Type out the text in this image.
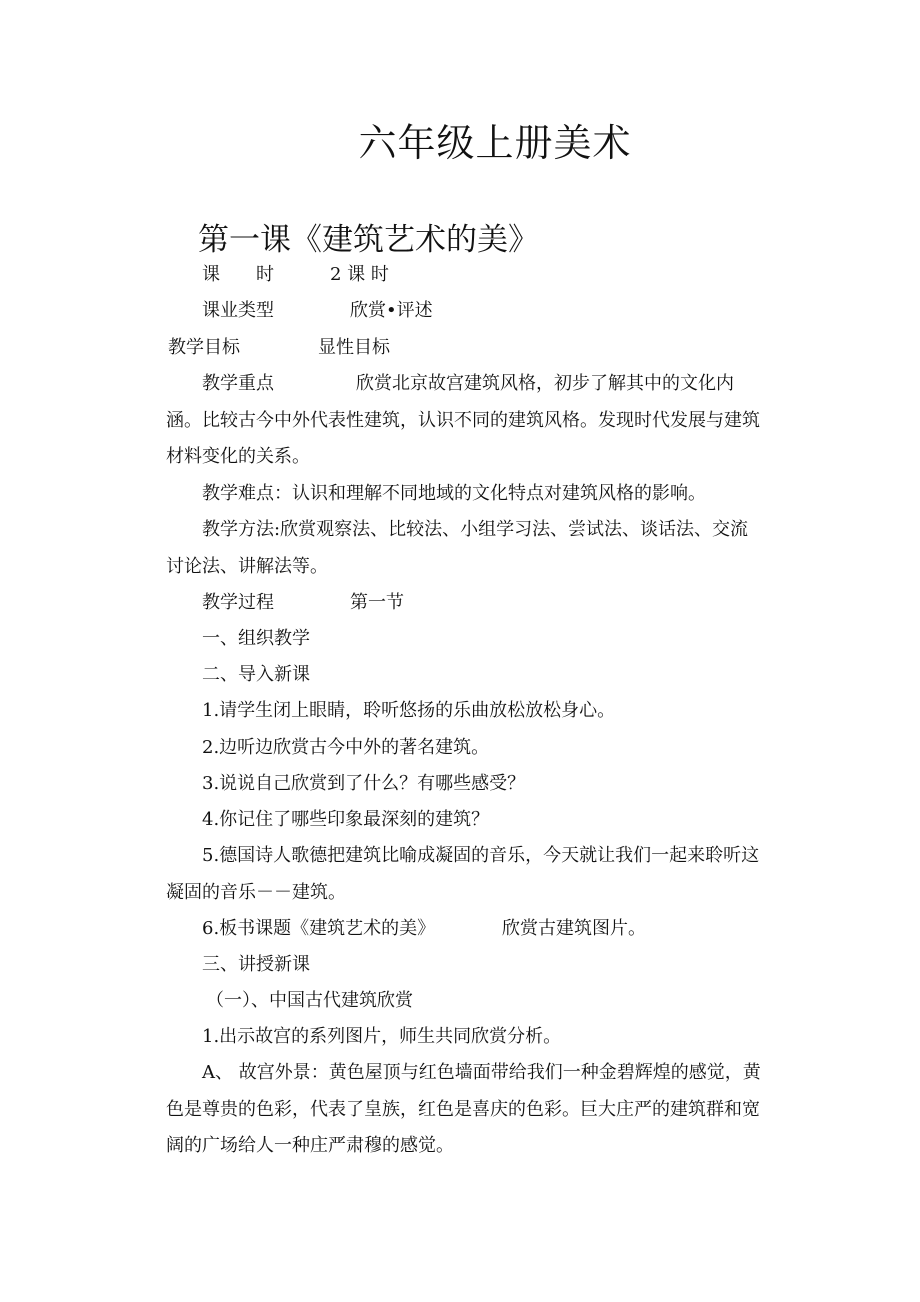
六年级上册美术
第一课《建筑艺术的美》
课　　时	2 课 时
课业类型	欣赏•评述
教学目标	显性目标
教学重点	欣赏北京故宫建筑风格，初步了解其中的文化内涵。比较古今中外代表性建筑，认识不同的建筑风格。发现时代发展与建筑材料变化的关系。

教学难点：认识和理解不同地域的文化特点对建筑风格的影响。

教学方法:欣赏观察法、比较法、小组学习法、尝试法、谈话法、交流讨论法、讲解法等。

教学过程	第一节
一、组织教学
二、导入新课
1.请学生闭上眼睛，聆听悠扬的乐曲放松放松身心。
2.边听边欣赏古今中外的著名建筑。
3.说说自己欣赏到了什么？有哪些感受？
4.你记住了哪些印象最深刻的建筑？

5.德国诗人歌德把建筑比喻成凝固的音乐，今天就让我们一起来聆听这凝固的音乐－－建筑。

6.板书课题《建筑艺术的美》	欣赏古建筑图片。
三、讲授新课
（一）、中国古代建筑欣赏
1.出示故宫的系列图片，师生共同欣赏分析。

A、 故宫外景：黄色屋顶与红色墙面带给我们一种金碧辉煌的感觉，黄色是尊贵的色彩，代表了皇族，红色是喜庆的色彩。巨大庄严的建筑群和宽阔的广场给人一种庄严肃穆的感觉。
